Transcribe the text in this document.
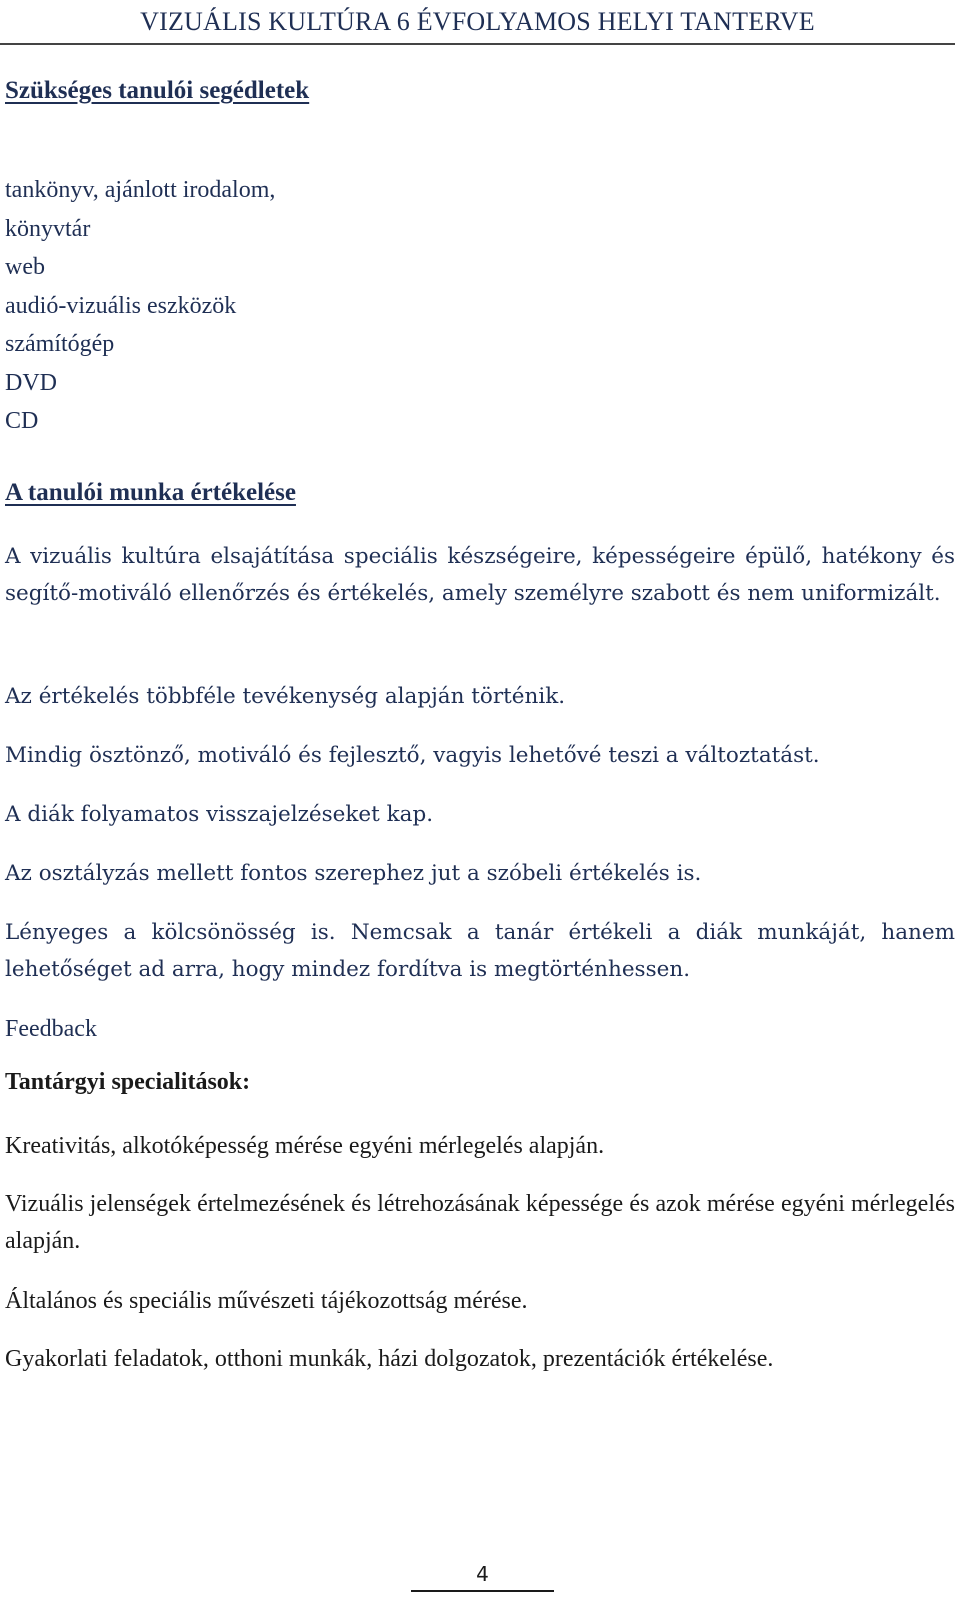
VIZUÁLIS KULTÚRA 6 ÉVFOLYAMOS HELYI TANTERVE
Szükséges tanulói segédletek
tankönyv, ajánlott irodalom,
könyvtár
web
audió-vizuális eszközök
számítógép
DVD
CD
A tanulói munka értékelése

A vizuális kultúra elsajátítása speciális készségeire, képességeire épülő, hatékony és segítő-motiváló ellenőrzés és értékelés, amely személyre szabott és nem uniformizált.

Az értékelés többféle tevékenység alapján történik.

Mindig ösztönző, motiváló és fejlesztő, vagyis lehetővé teszi a változtatást.

A diák folyamatos visszajelzéseket kap.

Az osztályzás mellett fontos szerephez jut a szóbeli értékelés is.

Lényeges a kölcsönösség is. Nemcsak a tanár értékeli a diák munkáját, hanem lehetőséget ad arra, hogy mindez fordítva is megtörténhessen.

Feedback

Tantárgyi specialitások:

Kreativitás, alkotóképesség mérése egyéni mérlegelés alapján.

Vizuális jelenségek értelmezésének és létrehozásának képessége és azok mérése egyéni mérlegelés alapján.

Általános és speciális művészeti tájékozottság mérése.

Gyakorlati feladatok, otthoni munkák, házi dolgozatok, prezentációk értékelése.

4
